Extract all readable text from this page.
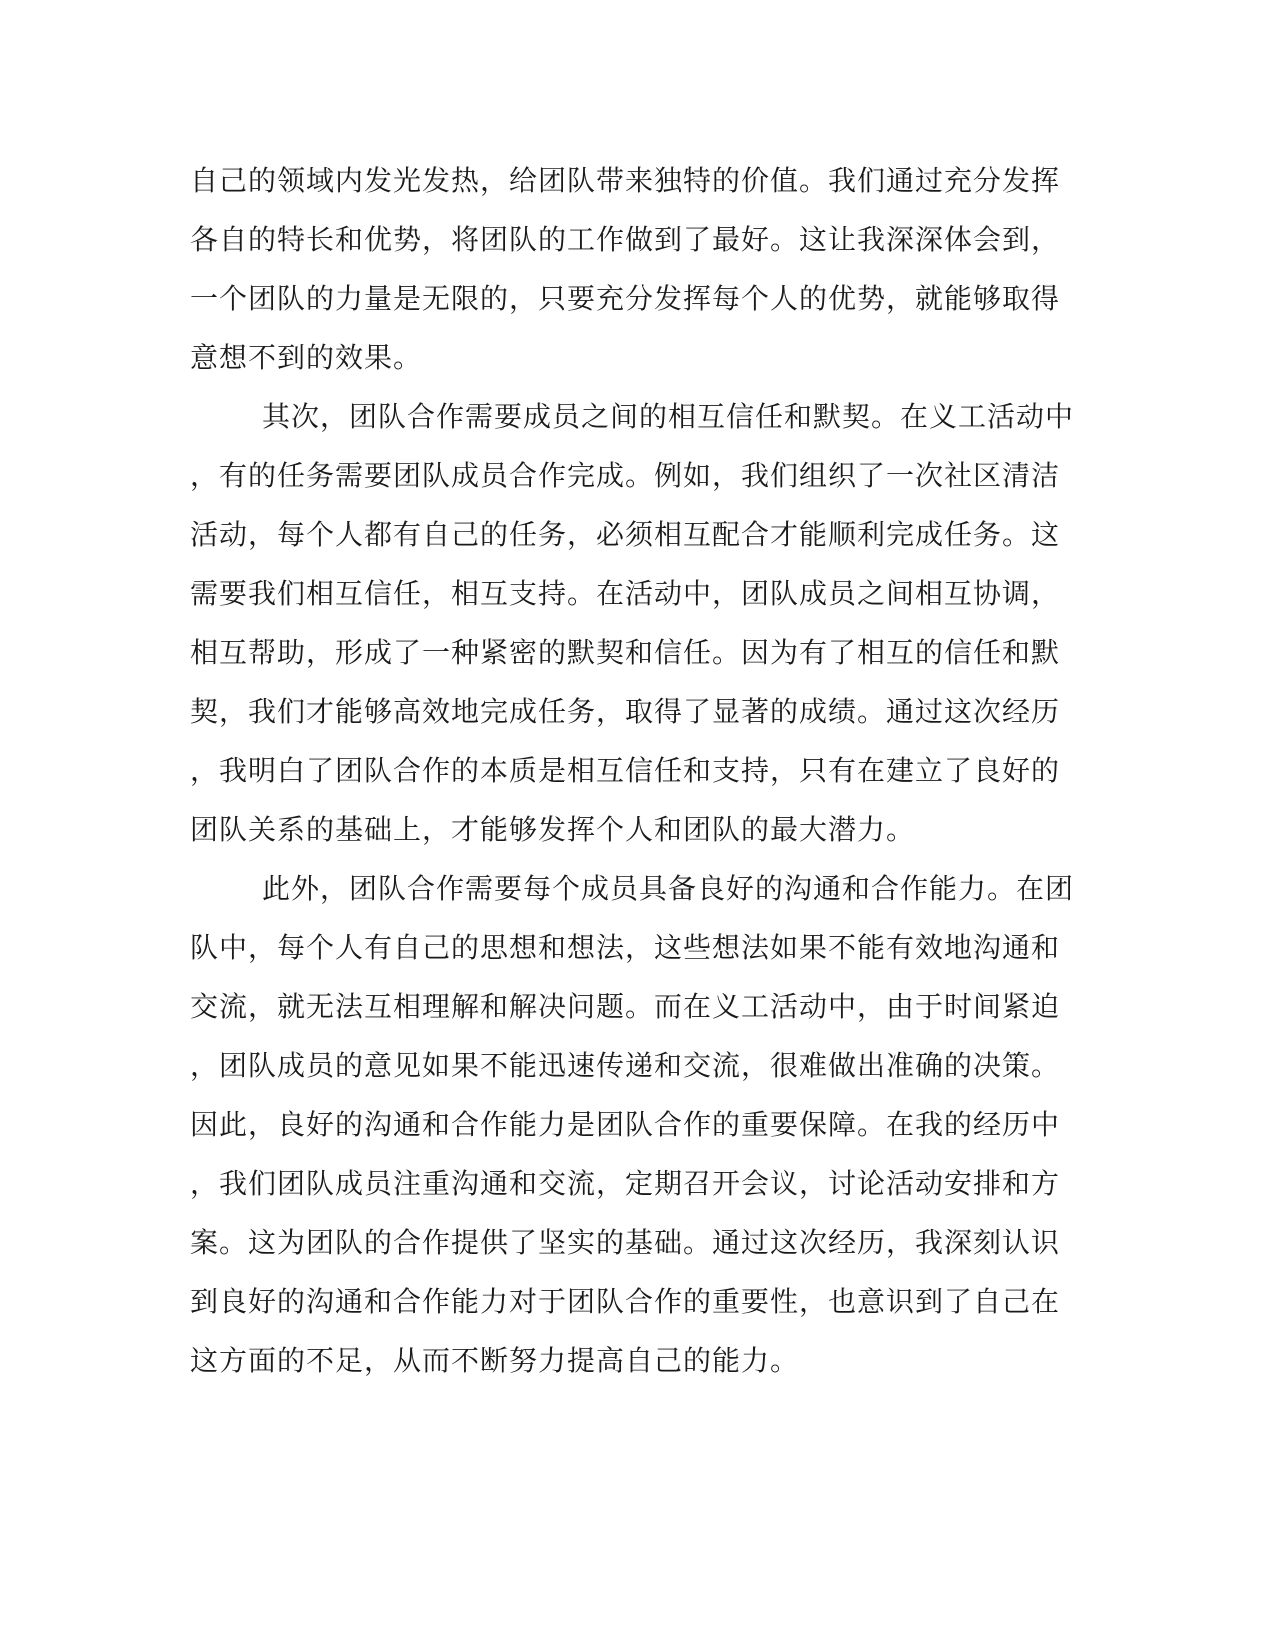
自己的领域内发光发热，给团队带来独特的价值。我们通过充分发挥
各自的特长和优势，将团队的工作做到了最好。这让我深深体会到，
一个团队的力量是无限的，只要充分发挥每个人的优势，就能够取得
意想不到的效果。
其次，团队合作需要成员之间的相互信任和默契。在义工活动中
，有的任务需要团队成员合作完成。例如，我们组织了一次社区清洁
活动，每个人都有自己的任务，必须相互配合才能顺利完成任务。这
需要我们相互信任，相互支持。在活动中，团队成员之间相互协调，
相互帮助，形成了一种紧密的默契和信任。因为有了相互的信任和默
契，我们才能够高效地完成任务，取得了显著的成绩。通过这次经历
，我明白了团队合作的本质是相互信任和支持，只有在建立了良好的
团队关系的基础上，才能够发挥个人和团队的最大潜力。
此外，团队合作需要每个成员具备良好的沟通和合作能力。在团
队中，每个人有自己的思想和想法，这些想法如果不能有效地沟通和
交流，就无法互相理解和解决问题。而在义工活动中，由于时间紧迫
，团队成员的意见如果不能迅速传递和交流，很难做出准确的决策。
因此，良好的沟通和合作能力是团队合作的重要保障。在我的经历中
，我们团队成员注重沟通和交流，定期召开会议，讨论活动安排和方
案。这为团队的合作提供了坚实的基础。通过这次经历，我深刻认识
到良好的沟通和合作能力对于团队合作的重要性，也意识到了自己在
这方面的不足，从而不断努力提高自己的能力。
